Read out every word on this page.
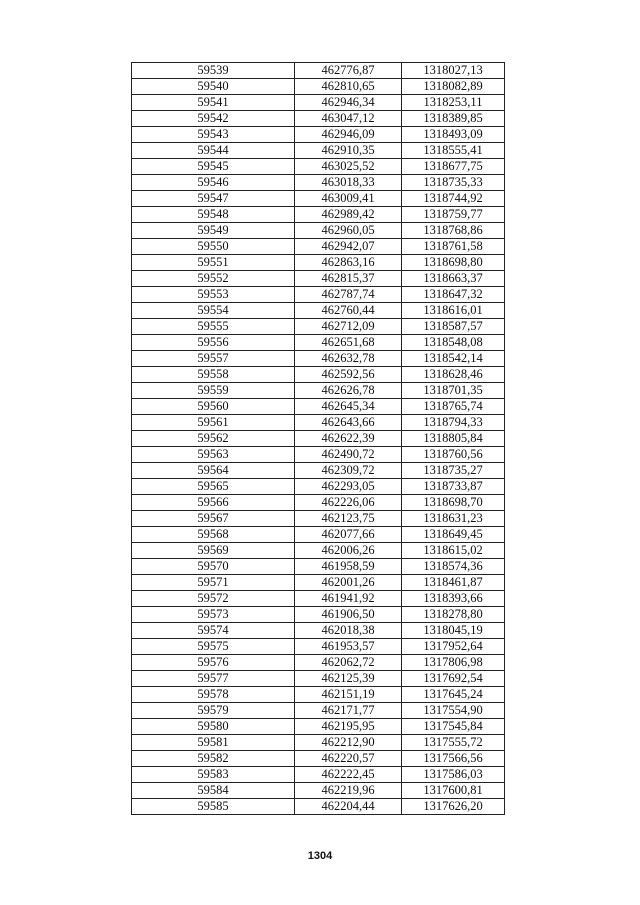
59539	462776,87	1318027,13
59540	462810,65	1318082,89
59541	462946,34	1318253,11
59542	463047,12	1318389,85
59543	462946,09	1318493,09
59544	462910,35	1318555,41
59545	463025,52	1318677,75
59546	463018,33	1318735,33
59547	463009,41	1318744,92
59548	462989,42	1318759,77
59549	462960,05	1318768,86
59550	462942,07	1318761,58
59551	462863,16	1318698,80
59552	462815,37	1318663,37
59553	462787,74	1318647,32
59554	462760,44	1318616,01
59555	462712,09	1318587,57
59556	462651,68	1318548,08
59557	462632,78	1318542,14
59558	462592,56	1318628,46
59559	462626,78	1318701,35
59560	462645,34	1318765,74
59561	462643,66	1318794,33
59562	462622,39	1318805,84
59563	462490,72	1318760,56
59564	462309,72	1318735,27
59565	462293,05	1318733,87
59566	462226,06	1318698,70
59567	462123,75	1318631,23
59568	462077,66	1318649,45
59569	462006,26	1318615,02
59570	461958,59	1318574,36
59571	462001,26	1318461,87
59572	461941,92	1318393,66
59573	461906,50	1318278,80
59574	462018,38	1318045,19
59575	461953,57	1317952,64
59576	462062,72	1317806,98
59577	462125,39	1317692,54
59578	462151,19	1317645,24
59579	462171,77	1317554,90
59580	462195,95	1317545,84
59581	462212,90	1317555,72
59582	462220,57	1317566,56
59583	462222,45	1317586,03
59584	462219,96	1317600,81
59585	462204,44	1317626,20
1304
